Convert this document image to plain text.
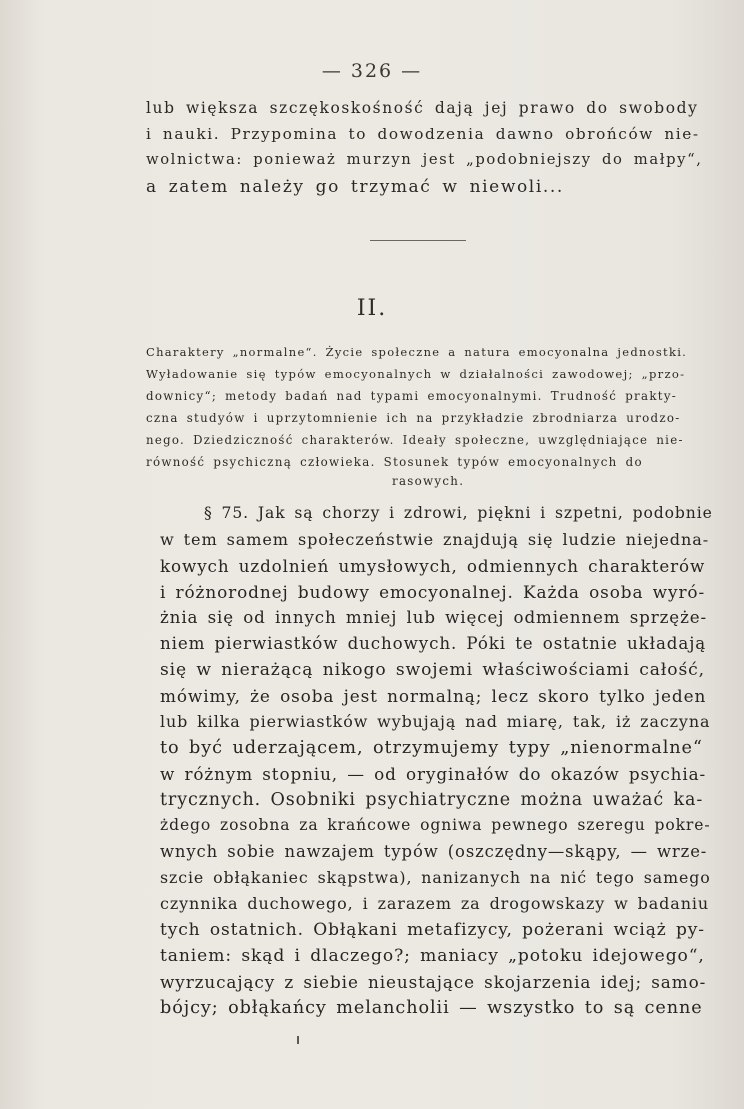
— 326 —

lub większa szczękoskośność dają jej prawo do swobody

i nauki. Przypomina to dowodzenia dawno obrońców nie-

wolnictwa: ponieważ murzyn jest „podobniejszy do małpy“,

a zatem należy go trzymać w niewoli...

II.

Charaktery „normalne“. Życie społeczne a natura emocyonalna jednostki.

Wyładowanie się typów emocyonalnych w działalności zawodowej; „przo-

downicy“; metody badań nad typami emocyonalnymi. Trudność prakty-

czna studyów i uprzytomnienie ich na przykładzie zbrodniarza urodzo-

nego. Dziedziczność charakterów. Ideały społeczne, uwzględniające nie-

równość psychiczną człowieka. Stosunek typów emocyonalnych do

rasowych.

§ 75. Jak są chorzy i zdrowi, piękni i szpetni, podobnie

w tem samem społeczeństwie znajdują się ludzie niejedna-

kowych uzdolnień umysłowych, odmiennych charakterów

i różnorodnej budowy emocyonalnej. Każda osoba wyró-

żnia się od innych mniej lub więcej odmiennem sprzęże-

niem pierwiastków duchowych. Póki te ostatnie układają

się w nierażącą nikogo swojemi właściwościami całość,

mówimy, że osoba jest normalną; lecz skoro tylko jeden

lub kilka pierwiastków wybujają nad miarę, tak, iż zaczyna

to być uderzającem, otrzymujemy typy „nienormalne“

w różnym stopniu, — od oryginałów do okazów psychia-

trycznych. Osobniki psychiatryczne można uważać ka-

żdego zosobna za krańcowe ogniwa pewnego szeregu pokre-

wnych sobie nawzajem typów (oszczędny—skąpy, — wrze-

szcie obłąkaniec skąpstwa), nanizanych na nić tego samego

czynnika duchowego, i zarazem za drogowskazy w badaniu

tych ostatnich. Obłąkani metafizycy, pożerani wciąż py-

taniem: skąd i dlaczego?; maniacy „potoku idejowego“,

wyrzucający z siebie nieustające skojarzenia idej; samo-

bójcy; obłąkańcy melancholii — wszystko to są cenne
